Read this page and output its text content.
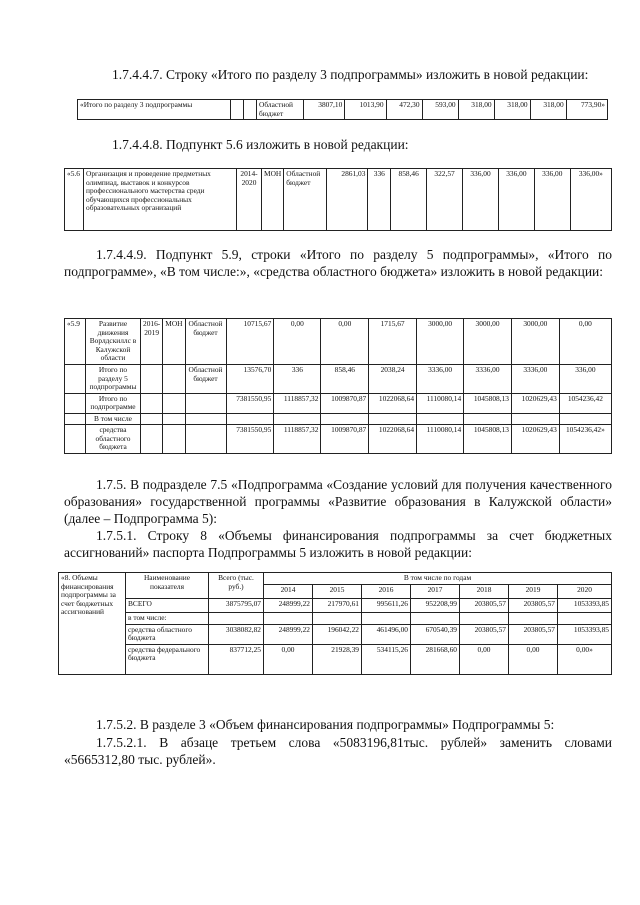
1.7.4.4.7. Строку «Итого по разделу 3 подпрограммы» изложить в новой редакции:

«Итого по разделу 3 подпрограммы			Областной бюджет	3807,10	1013,90	472,30	593,00	318,00	318,00	318,00	773,90»

1.7.4.4.8. Подпункт 5.6 изложить в новой редакции:

«5.6	Организация и проведение предметных олимпиад, выставок и конкурсов профессионального мастерства среди обучающихся профессиональных образовательных организаций	2014-2020	МОН	Областной бюджет	2861,03	336	858,46	322,57	336,00	336,00	336,00	336,00»

1.7.4.4.9. Подпункт 5.9, строки «Итого по разделу 5 подпрограммы», «Итого по подпрограмме», «В том числе:», «средства областного бюджета» изложить в новой редакции:

«5.9	Развитие движения Ворлдскиллс в Калужской области	2016-2019	МОН	Областной бюджет	10715,67	0,00	0,00	1715,67	3000,00	3000,00	3000,00	0,00
	Итого по разделу 5 подпрограммы			Областной бюджет	13576,70	336	858,46	2038,24	3336,00	3336,00	3336,00	336,00
	Итого по подпрограмме				7381550,95	1118857,32	1009870,87	1022068,64	1110080,14	1045808,13	1020629,43	1054236,42
	В том числе											
	средства областного бюджета				7381550,95	1118857,32	1009870,87	1022068,64	1110080,14	1045808,13	1020629,43	1054236,42»

1.7.5. В подразделе 7.5 «Подпрограмма «Создание условий для получения качественного образования» государственной программы «Развитие образования в Калужской области» (далее – Подпрограмма 5):

1.7.5.1. Строку 8 «Объемы финансирования подпрограммы за счет бюджетных ассигнований» паспорта Подпрограммы 5 изложить в новой редакции:

«8. Объемы финансирования подпрограммы за счет бюджетных ассигнований	Наименование показателя	Всего (тыс. руб.)	В том числе по годам						
			2014	2015	2016	2017	2018	2019	2020
	ВСЕГО	3875795,07	248999,22	217970,61	995611,26	952208,99	203805,57	203805,57	1053393,85
	в том числе:								
	средства областного бюджета	3038082,82	248999,22	196042,22	461496,00	670540,39	203805,57	203805,57	1053393,85
	средства федерального бюджета	837712,25	0,00	21928,39	534115,26	281668,60	0,00	0,00	0,00»

1.7.5.2. В разделе 3 «Объем финансирования подпрограммы» Подпрограммы 5:

1.7.5.2.1. В абзаце третьем слова «5083196,81тыс. рублей» заменить словами «5665312,80 тыс. рублей».
